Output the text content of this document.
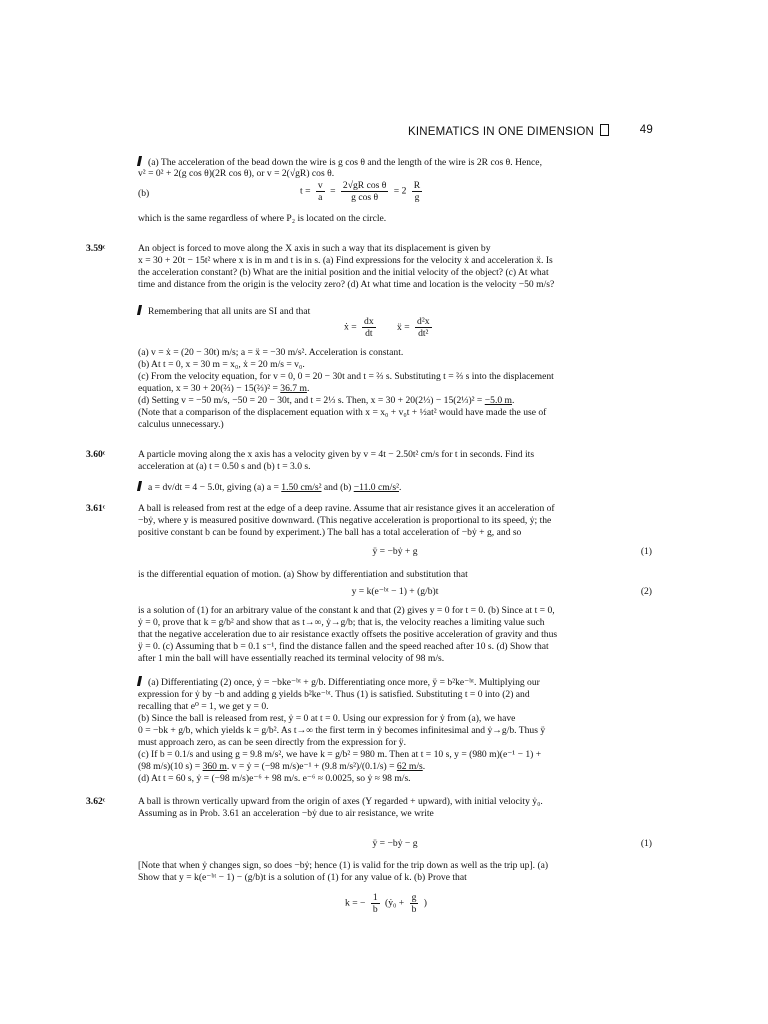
KINEMATICS IN ONE DIMENSION	49
(a) The acceleration of the bead down the wire is g cos θ and the length of the wire is 2R cos θ. Hence,
v² = 0² + 2(g cos θ)(2R cos θ), or v = 2(√gR) cos θ.
(b)	$t = \frac{v}{a} = \frac{\text{2√gR cos θ}}{\text{g cos θ}} = 2 \frac{R}{g}$
which is the same regardless of where P₂ is located on the circle.
3.59ᶜ	An object is forced to move along the X axis in such a way that its displacement is given by
x = 30 + 20t − 15t² where x is in m and t is in s. (a) Find expressions for the velocity ẋ and acceleration ẍ. Is
the acceleration constant? (b) What are the initial position and the initial velocity of the object? (c) At what
time and distance from the origin is the velocity zero? (d) At what time and location is the velocity −50 m/s?
Remembering that all units are SI and that
ẋ = $\frac{dx}{dt}$ ẍ = $\frac{\text{d²x}}{\text{dt²}}$
(a) v = ẋ = (20 − 30t) m/s; a = ẍ = −30 m/s². Acceleration is constant.
(b) At t = 0, x = 30 m = x₀, ẋ = 20 m/s = v₀.
(c) From the velocity equation, for v = 0, 0 = 20 − 30t and t = ⅔ s. Substituting t = ⅔ s into the displacement
equation, x = 30 + 20(⅔) − 15(⅔)² = 36.7 m.
(d) Setting v = −50 m/s, −50 = 20 − 30t, and t = 2⅓ s. Then, x = 30 + 20(2⅓) − 15(2⅓)² = −5.0 m.
(Note that a comparison of the displacement equation with x = x₀ + v₀t + ½at² would have made the use of
calculus unnecessary.)
3.60ᶜ	A particle moving along the x axis has a velocity given by v = 4t − 2.50t² cm/s for t in seconds. Find its
acceleration at (a) t = 0.50 s and (b) t = 3.0 s.
a = dv/dt = 4 − 5.0t, giving (a) a = 1.50 cm/s² and (b) −11.0 cm/s².
3.61ᶜ	A ball is released from rest at the edge of a deep ravine. Assume that air resistance gives it an acceleration of
−bẏ, where y is measured positive downward. (This negative acceleration is proportional to its speed, ẏ; the
positive constant b can be found by experiment.) The ball has a total acceleration of −bẏ + g, and so
ÿ = −bẏ + g	(1)
is the differential equation of motion. (a) Show by differentiation and substitution that
y = k(e⁻ᵇᵗ − 1) + (g/b)t	(2)
is a solution of (1) for an arbitrary value of the constant k and that (2) gives y = 0 for t = 0. (b) Since at t = 0,
ẏ = 0, prove that k = g/b² and show that as t→∞, ẏ→g/b; that is, the velocity reaches a limiting value such
that the negative acceleration due to air resistance exactly offsets the positive acceleration of gravity and thus
ÿ = 0. (c) Assuming that b = 0.1 s⁻¹, find the distance fallen and the speed reached after 10 s. (d) Show that
after 1 min the ball will have essentially reached its terminal velocity of 98 m/s.
(a) Differentiating (2) once, ẏ = −bke⁻ᵇᵗ + g/b. Differentiating once more, ÿ = b²ke⁻ᵇᵗ. Multiplying our
expression for ẏ by −b and adding g yields b²ke⁻ᵇᵗ. Thus (1) is satisfied. Substituting t = 0 into (2) and
recalling that e⁰ = 1, we get y = 0.
(b) Since the ball is released from rest, ẏ = 0 at t = 0. Using our expression for ẏ from (a), we have
0 = −bk + g/b, which yields k = g/b². As t→∞ the first term in ẏ becomes infinitesimal and ẏ→g/b. Thus ÿ
must approach zero, as can be seen directly from the expression for ÿ.
(c) If b = 0.1/s and using g = 9.8 m/s², we have k = g/b² = 980 m. Then at t = 10 s, y = (980 m)(e⁻¹ − 1) +
(98 m/s)(10 s) = 360 m. v = ẏ = (−98 m/s)e⁻¹ + (9.8 m/s²)/(0.1/s) = 62 m/s.
(d) At t = 60 s, ẏ = (−98 m/s)e⁻⁶ + 98 m/s. e⁻⁶ ≈ 0.0025, so ẏ ≈ 98 m/s.
3.62ᶜ	A ball is thrown vertically upward from the origin of axes (Y regarded + upward), with initial velocity ẏ₀.
Assuming as in Prob. 3.61 an acceleration −bẏ due to air resistance, we write
ÿ = −bẏ − g	(1)
[Note that when ẏ changes sign, so does −bẏ; hence (1) is valid for the trip down as well as the trip up]. (a)
Show that y = k(e⁻ᵇᵗ − 1) − (g/b)t is a solution of (1) for any value of k. (b) Prove that
k = − $\frac{1}{b}$ (ẏ₀ + $\frac{g}{b}$ )
